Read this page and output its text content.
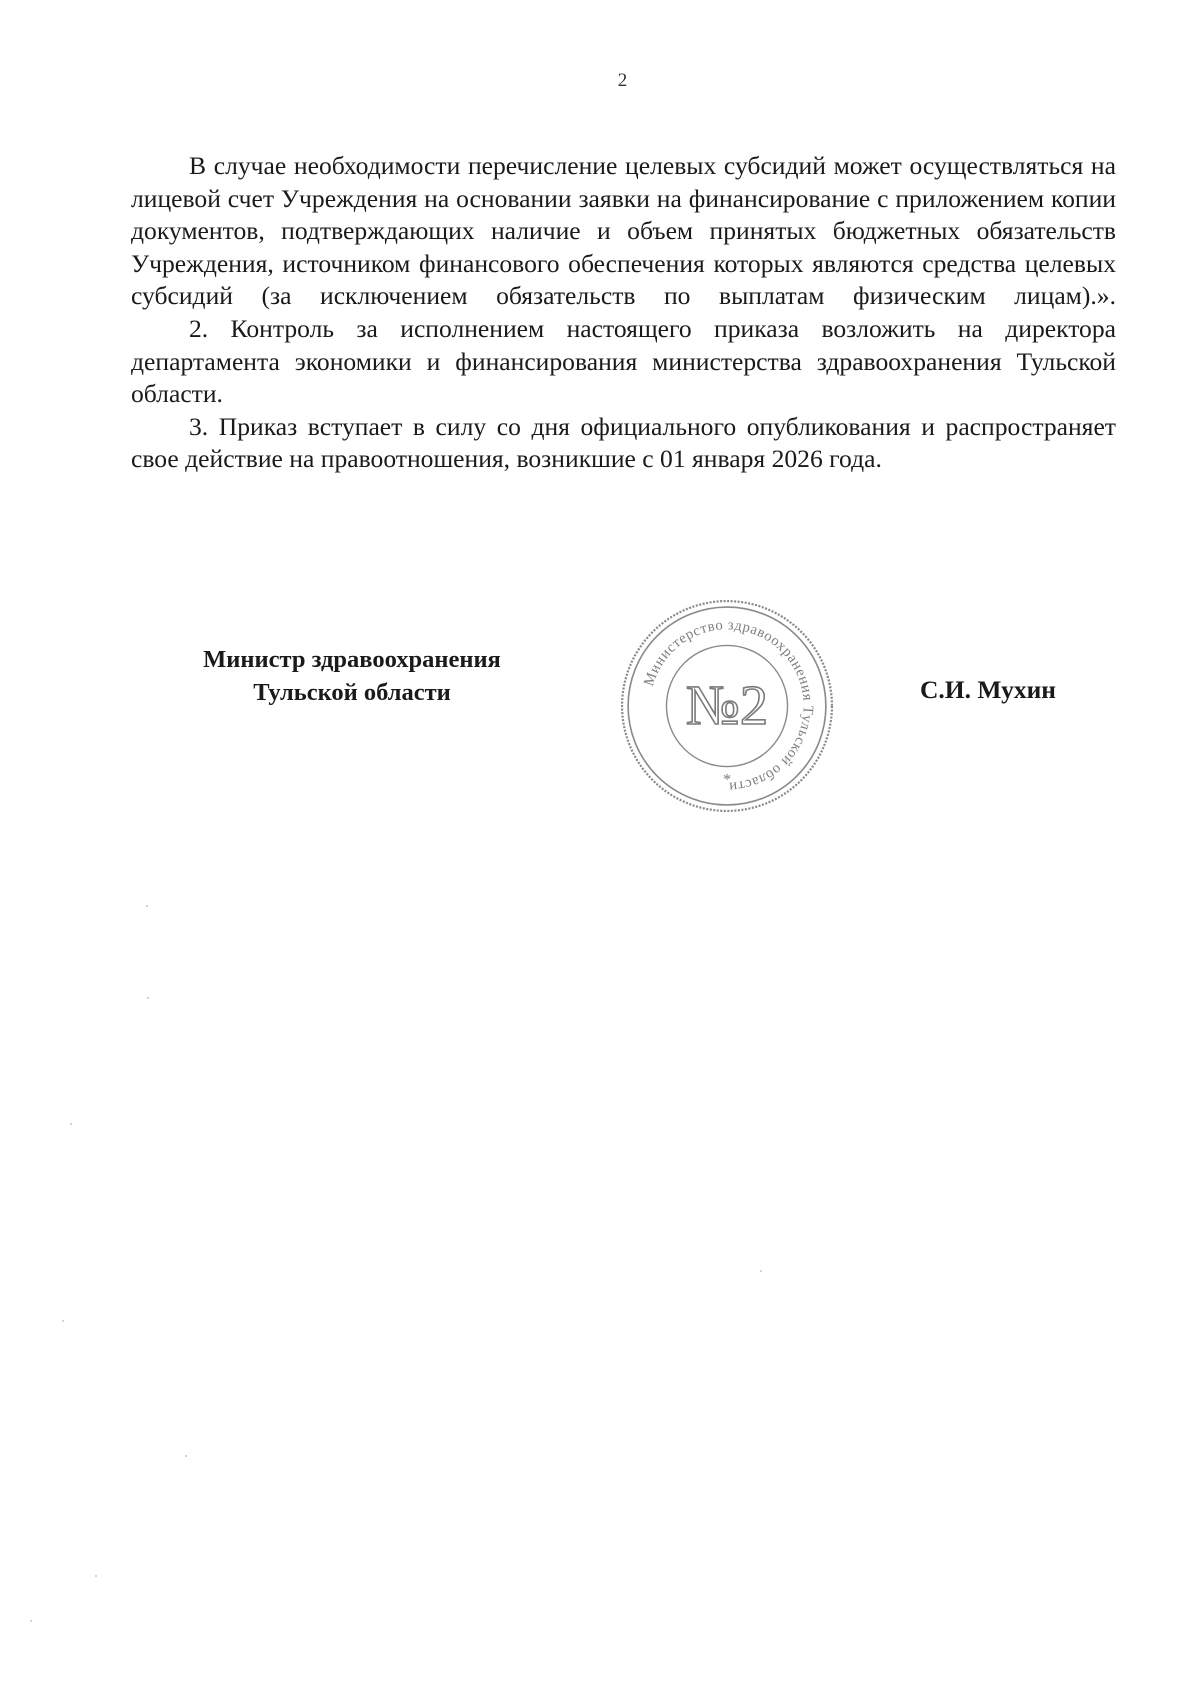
2

В случае необходимости перечисление целевых субсидий может осуществляться на лицевой счет Учреждения на основании заявки на финансирование с приложением копии документов, подтверждающих наличие и объем принятых бюджетных обязательств Учреждения, источником финансового обеспечения которых являются средства целевых субсидий (за исключением обязательств по выплатам физическим лицам).».

2. Контроль за исполнением настоящего приказа возложить на директора департамента экономики и финансирования министерства здравоохранения Тульской области.

3. Приказ вступает в силу со дня официального опубликования и распространяет свое действие на правоотношения, возникшие с 01 января 2026 года.

Министр здравоохранения
Тульской области	Министерство здравоохранения Тульской области
№2
*
С.И. Мухин
